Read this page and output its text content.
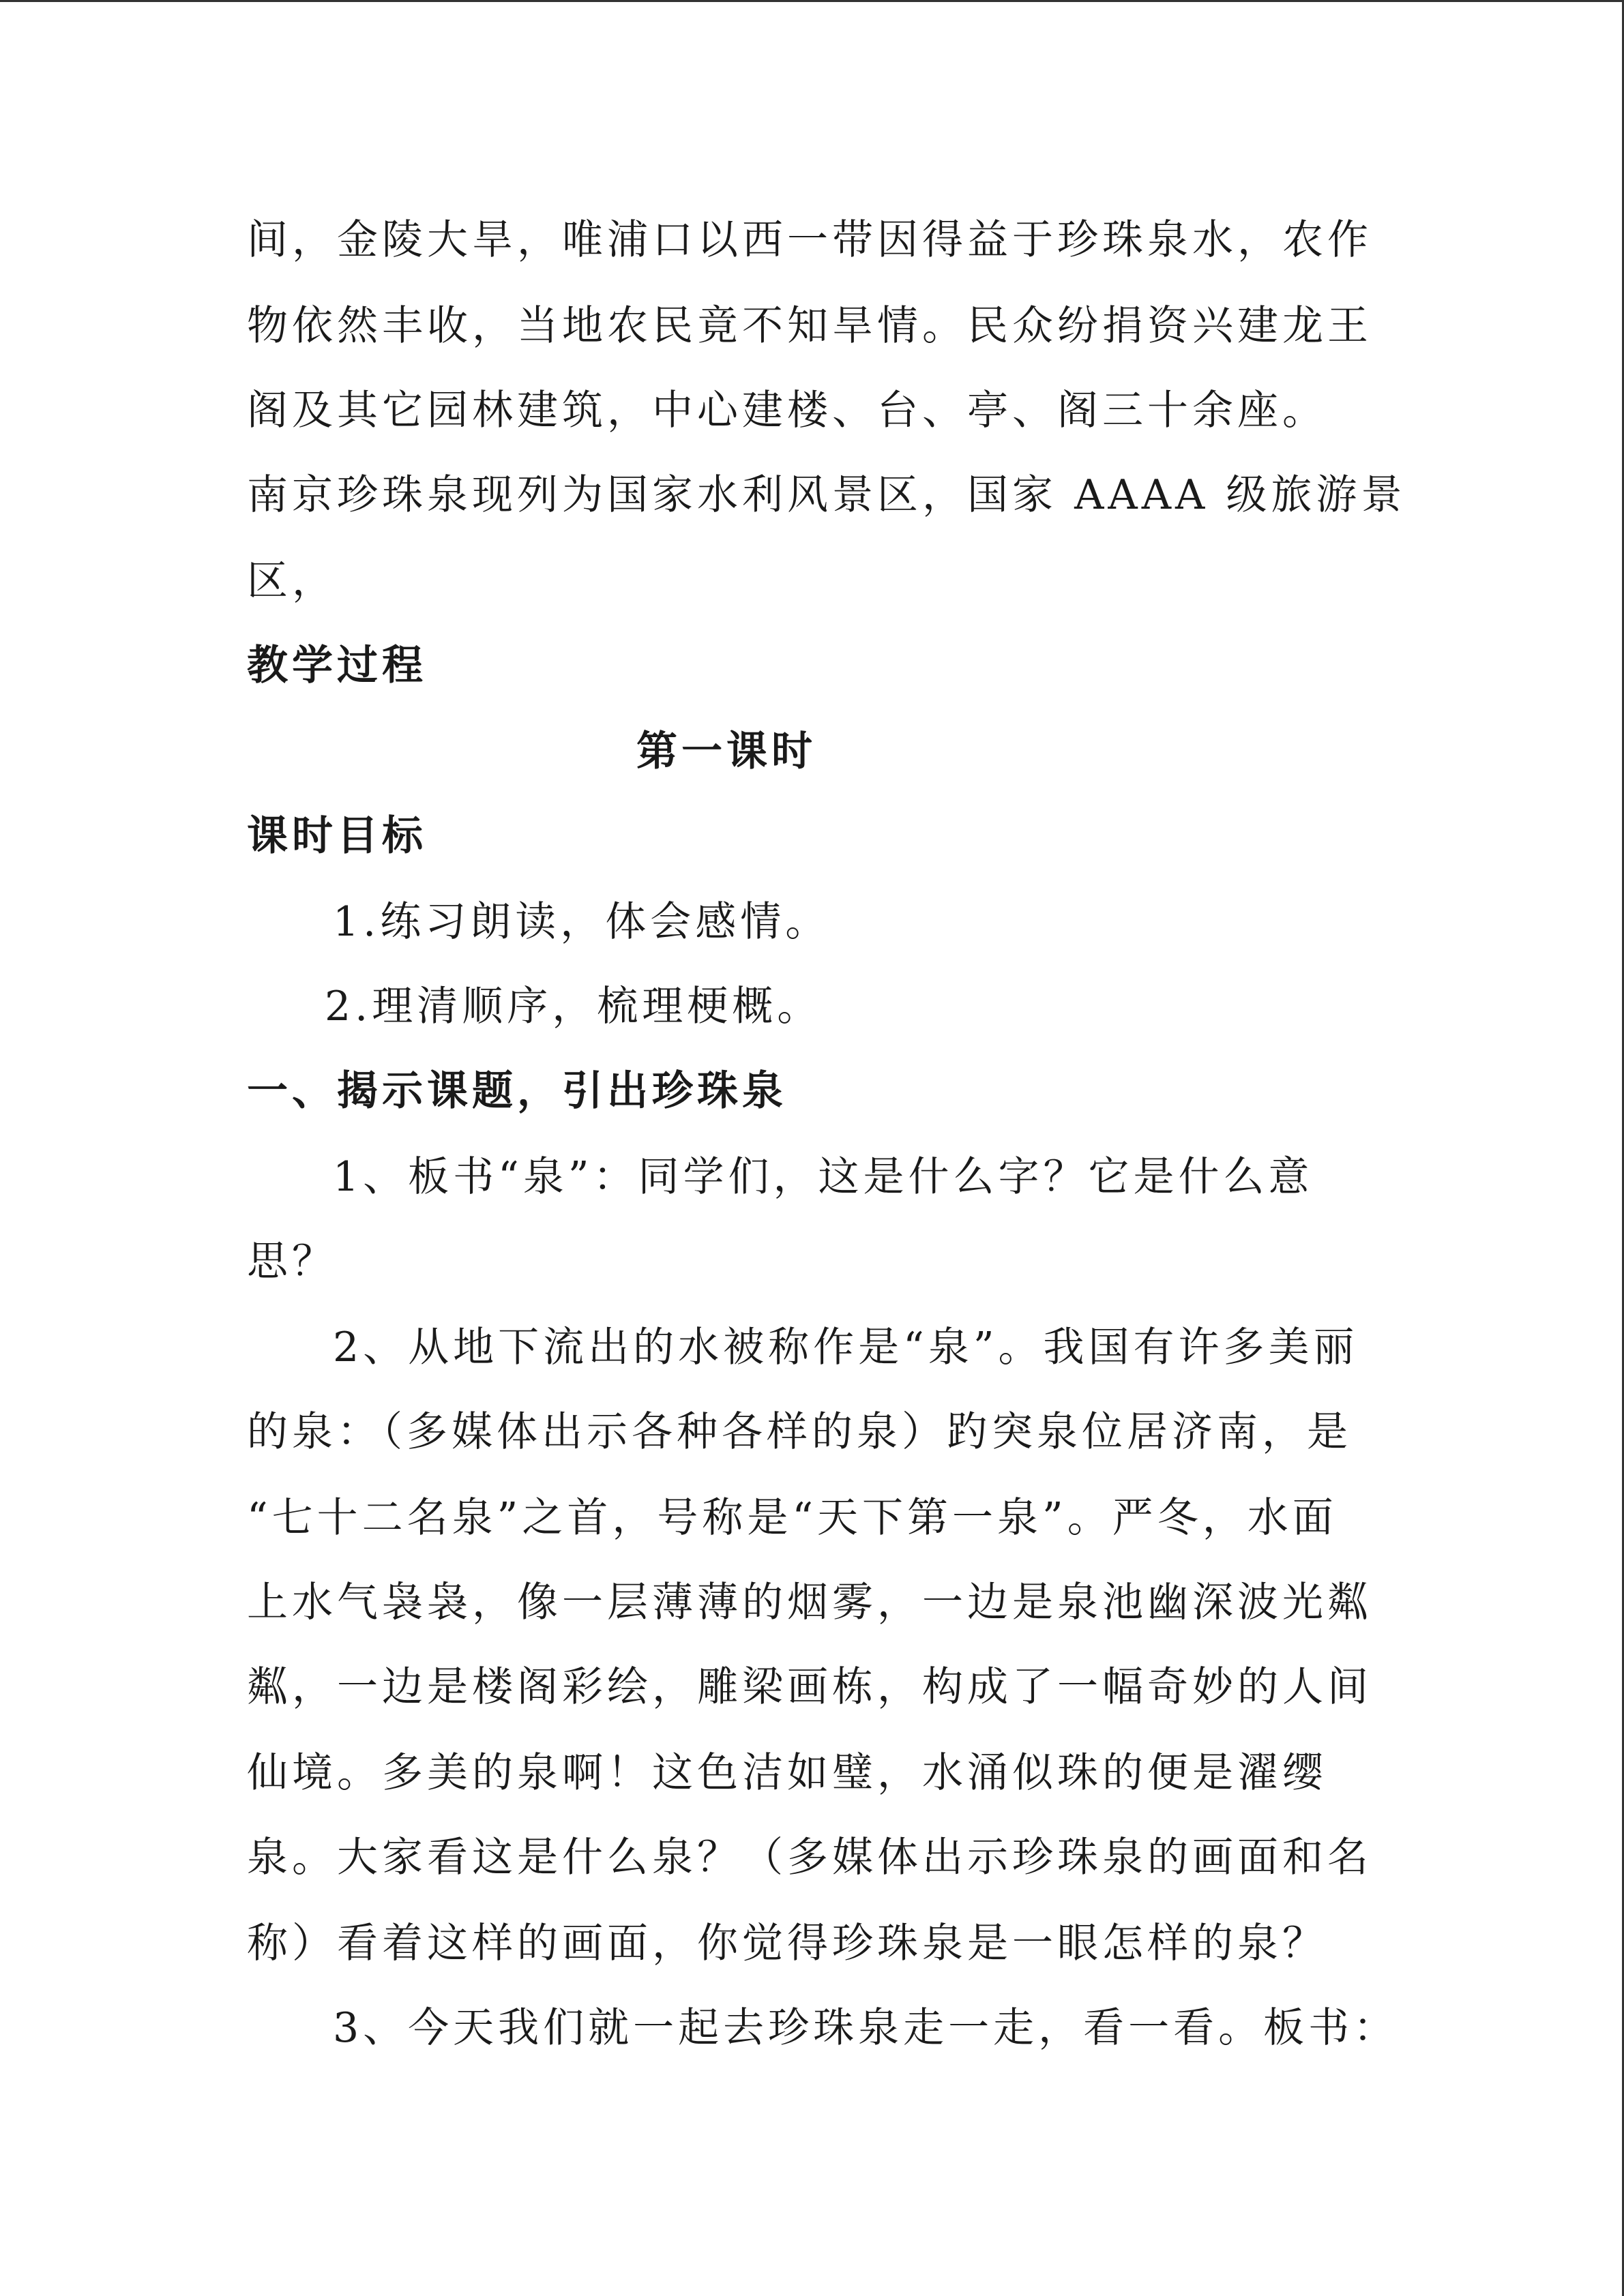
间，金陵大旱，唯浦口以西一带因得益于珍珠泉水，农作
物依然丰收，当地农民竟不知旱情。民众纷捐资兴建龙王
阁及其它园林建筑，中心建楼、台、亭、阁三十余座。
南京珍珠泉现列为国家水利风景区，国家 AAAA 级旅游景
区，
教学过程
第一课时
课时目标
1.练习朗读，体会感情。
2.理清顺序，梳理梗概。
一、揭示课题，引出珍珠泉
1、板书“泉”：同学们，这是什么字？它是什么意
思？
2、从地下流出的水被称作是“泉”。我国有许多美丽
的泉：（多媒体出示各种各样的泉）趵突泉位居济南，是
“七十二名泉”之首，号称是“天下第一泉”。严冬，水面
上水气袅袅，像一层薄薄的烟雾，一边是泉池幽深波光粼
粼，一边是楼阁彩绘，雕梁画栋，构成了一幅奇妙的人间
仙境。多美的泉啊！这色洁如璧，水涌似珠的便是濯缨
泉。大家看这是什么泉？（多媒体出示珍珠泉的画面和名
称）看着这样的画面，你觉得珍珠泉是一眼怎样的泉？
3、今天我们就一起去珍珠泉走一走，看一看。板书：
